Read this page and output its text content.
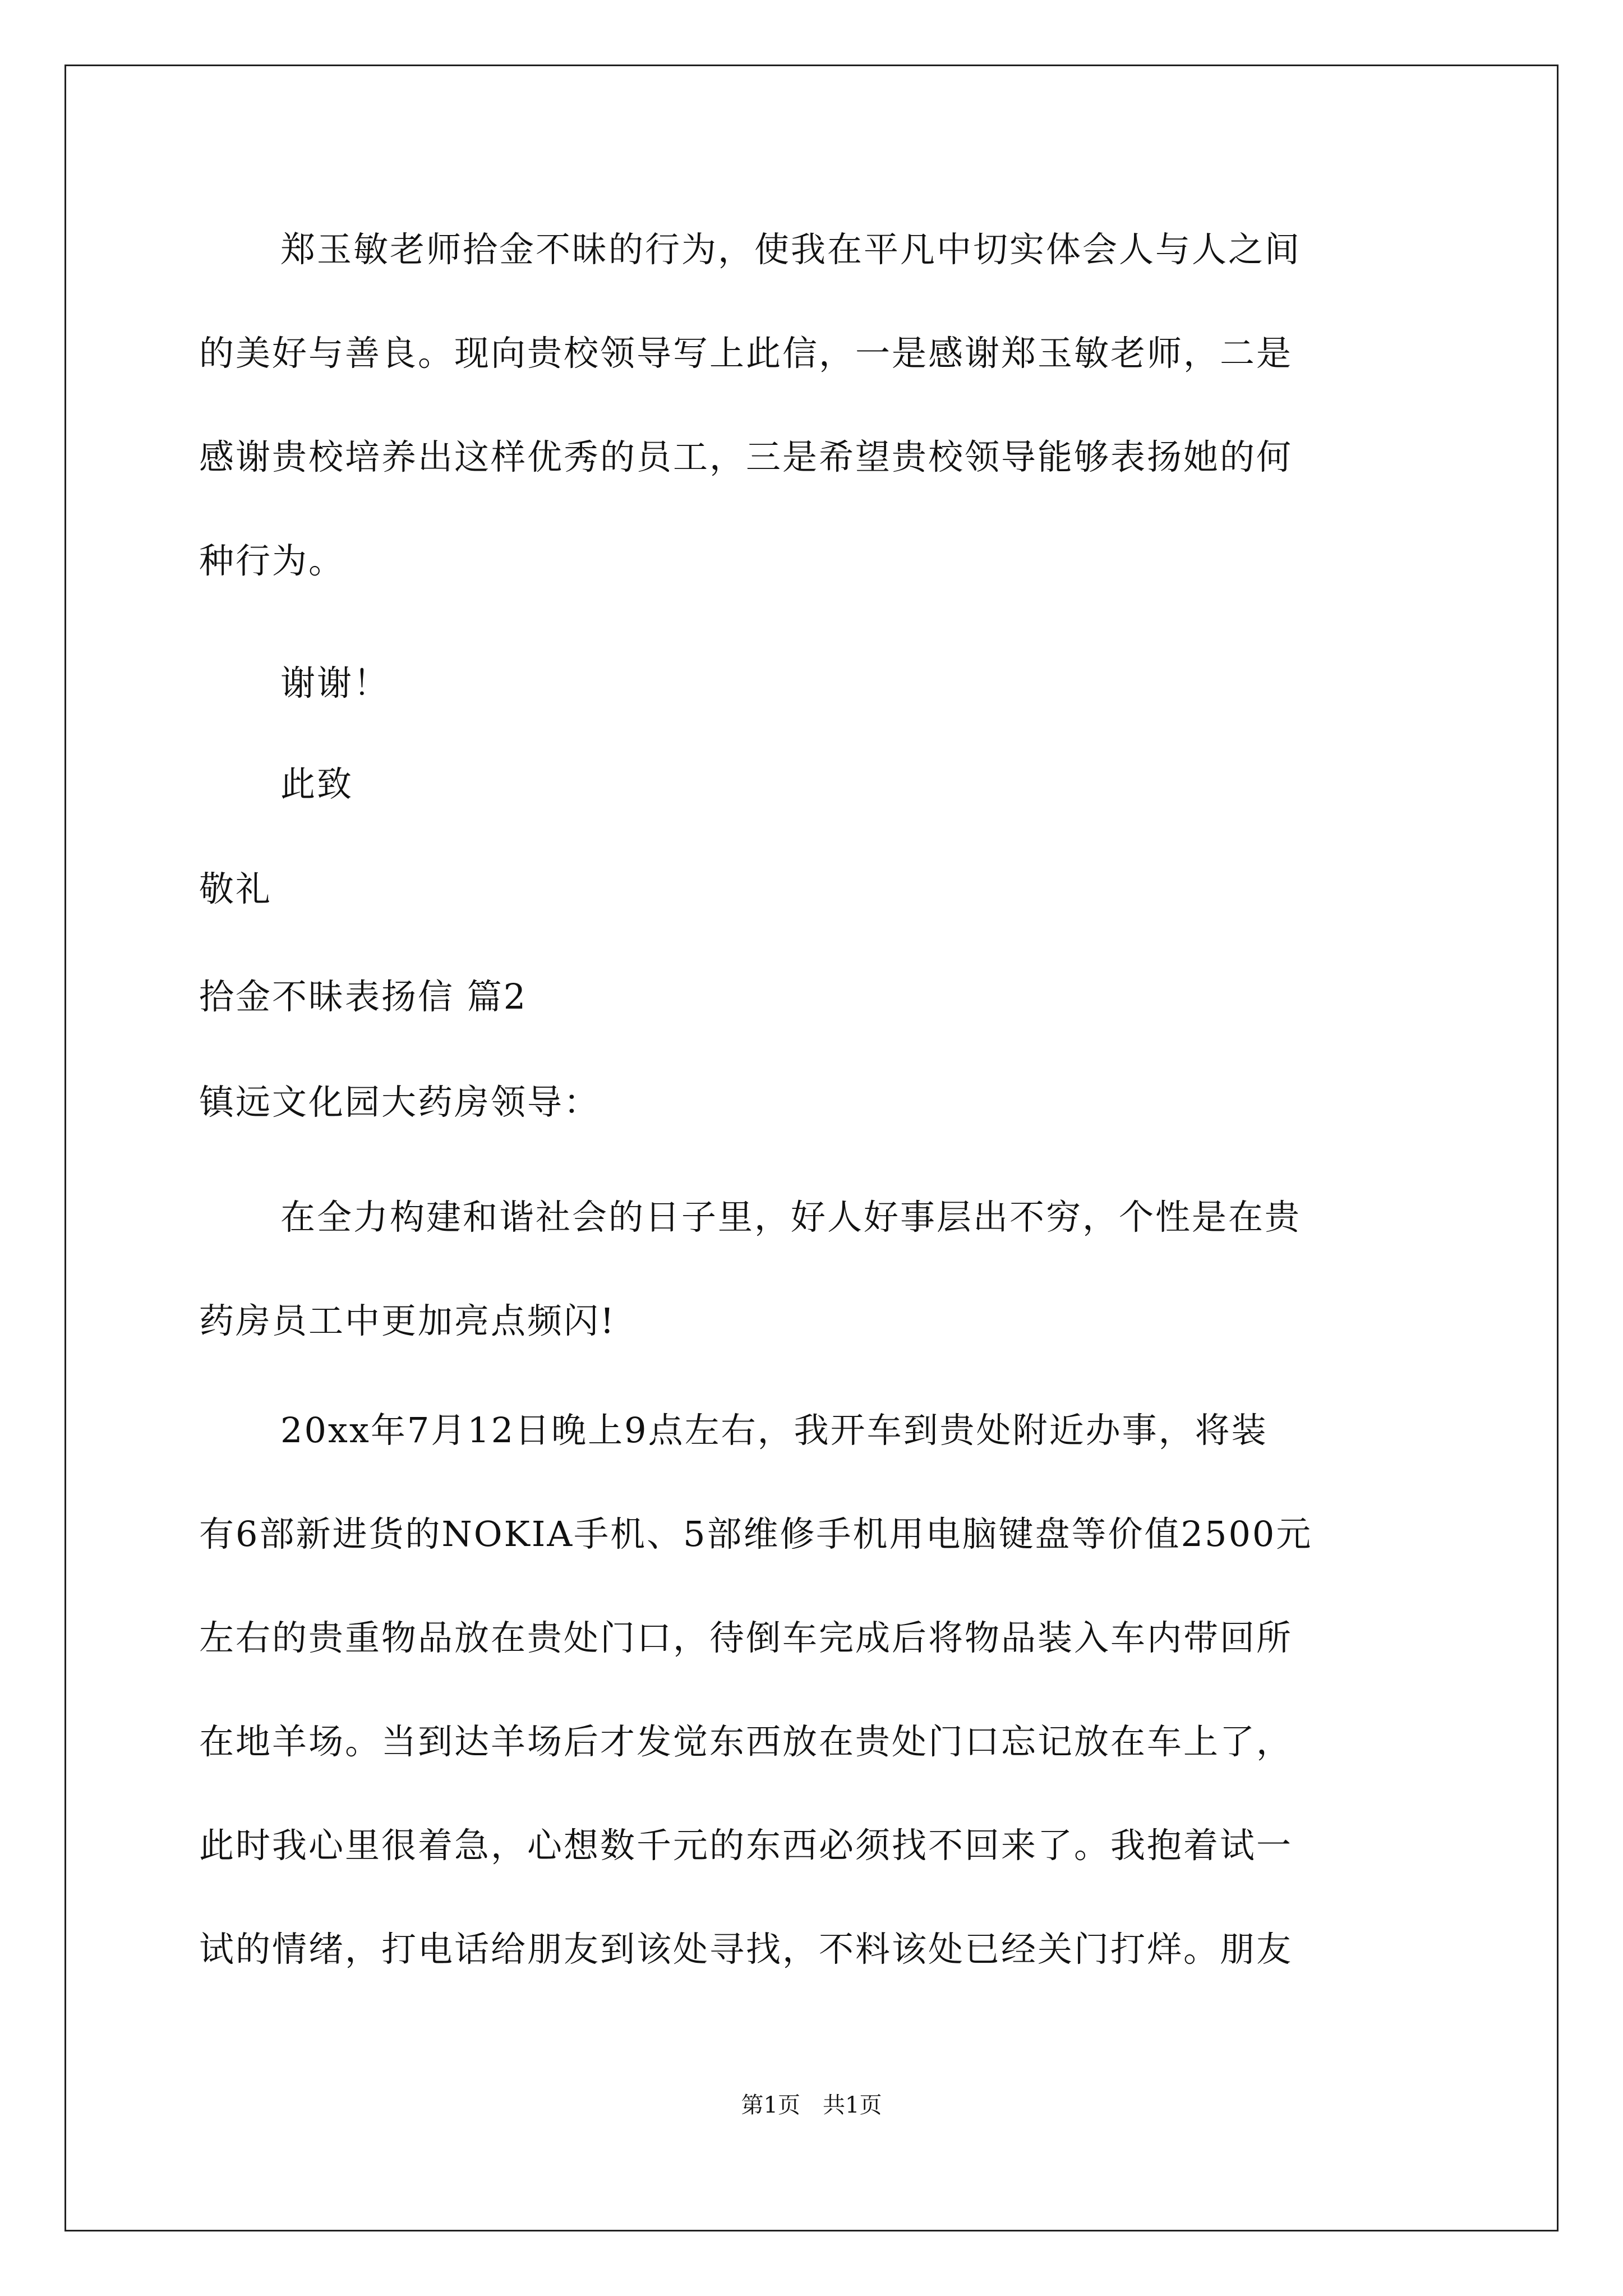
郑玉敏老师拾金不昧的行为，使我在平凡中切实体会人与人之间
的美好与善良。现向贵校领导写上此信，一是感谢郑玉敏老师，二是
感谢贵校培养出这样优秀的员工，三是希望贵校领导能够表扬她的何
种行为。
谢谢！
此致
敬礼
拾金不昧表扬信 篇2
镇远文化园大药房领导：
在全力构建和谐社会的日子里，好人好事层出不穷，个性是在贵
药房员工中更加亮点频闪!
20xx年7月12日晚上9点左右，我开车到贵处附近办事，将装
有6部新进货的NOKIA手机、5部维修手机用电脑键盘等价值2500元
左右的贵重物品放在贵处门口，待倒车完成后将物品装入车内带回所
在地羊场。当到达羊场后才发觉东西放在贵处门口忘记放在车上了，
此时我心里很着急，心想数千元的东西必须找不回来了。我抱着试一
试的情绪，打电话给朋友到该处寻找，不料该处已经关门打烊。朋友
第1页　共1页
